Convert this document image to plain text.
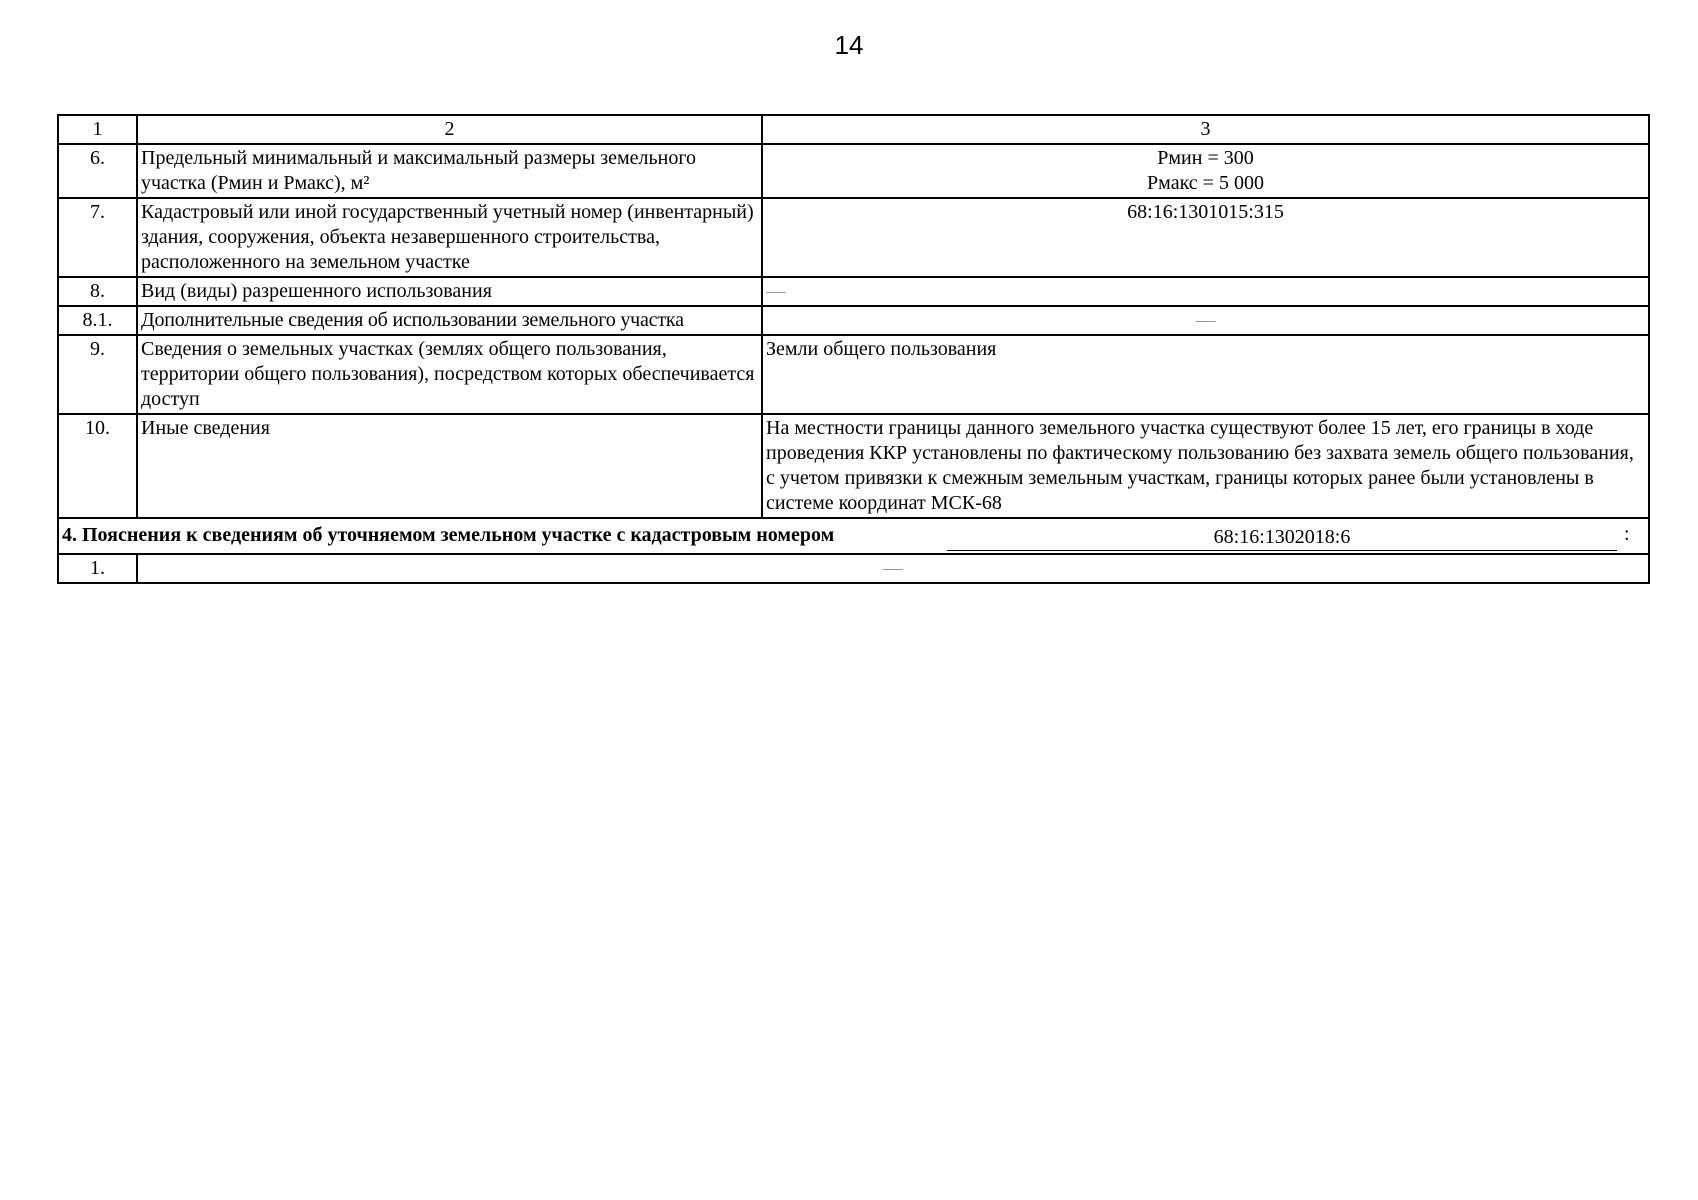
14
1	2	3
6.	Предельный минимальный и максимальный размеры земельного участка (Рмин и Рмакс), м²	Рмин = 300
Рмакс = 5 000

7.	Кадастровый или иной государственный учетный номер (инвентарный) здания, сооружения, объекта незавершенного строительства, расположенного на земельном участке	68:16:1301015:315
8.	Вид (виды) разрешенного использования	—
8.1.	Дополнительные сведения об использовании земельного участка	—
9.	Сведения о земельных участках (землях общего пользования, территории общего пользования), посредством которых обеспечивается доступ	Земли общего пользования
10.	Иные сведения	На местности границы данного земельного участка существуют более 15 лет, его границы в ходе проведения ККР установлены по фактическому пользованию без захвата земель общего пользования, с учетом привязки к смежным земельным участкам, границы которых ранее были установлены в системе координат МСК-68

4. Пояснения к сведениям об уточняемом земельном участке с кадастровым номером 68:16:1302018:6 :		

1.	—	
